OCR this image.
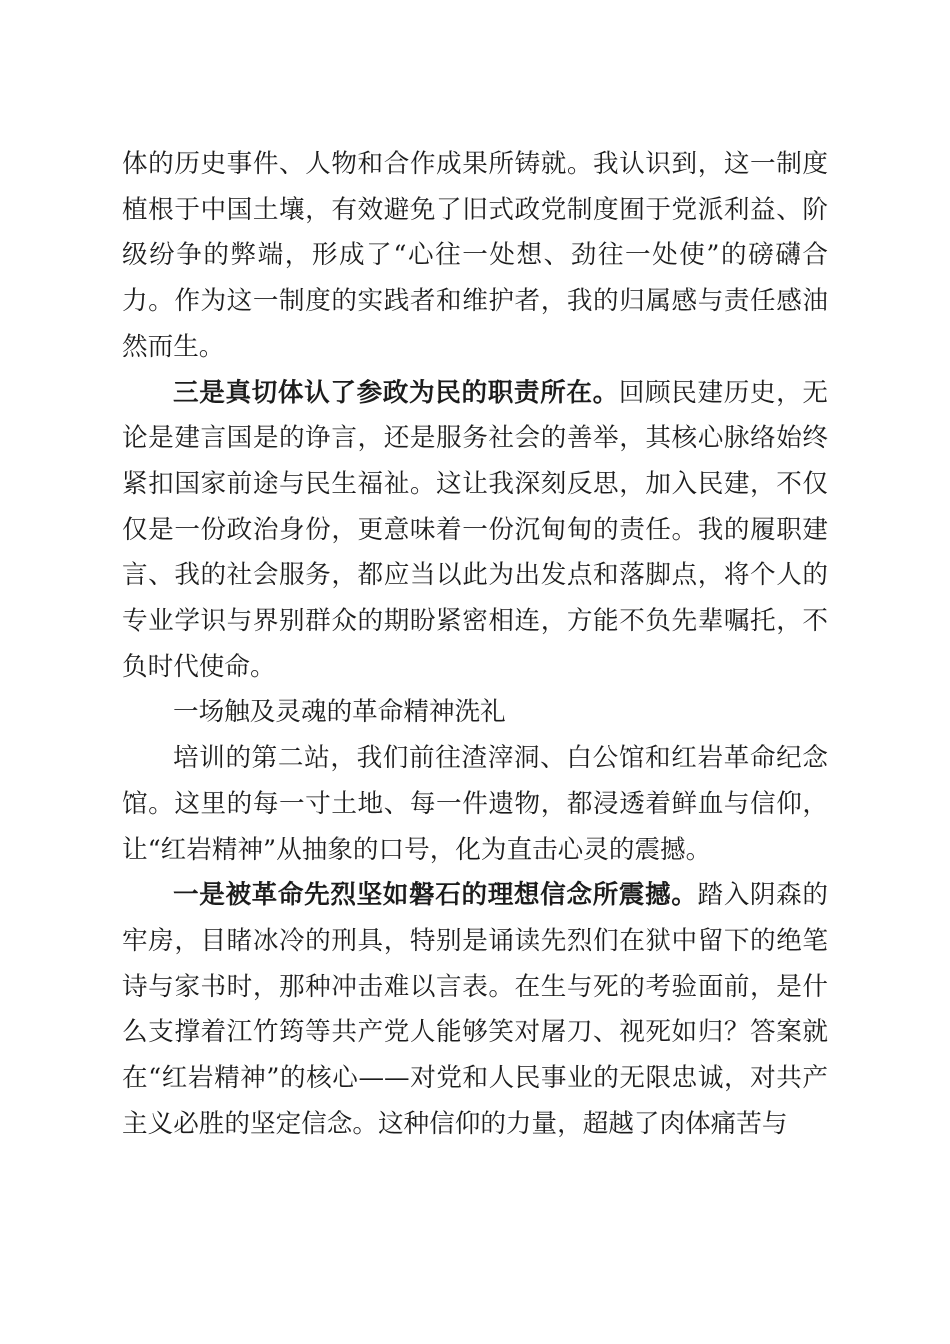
体的历史事件、人物和合作成果所铸就。我认识到，这一制度植根于中国土壤，有效避免了旧式政党制度囿于党派利益、阶级纷争的弊端，形成了“心往一处想、劲往一处使”的磅礴合力。作为这一制度的实践者和维护者，我的归属感与责任感油然而生。

三是真切体认了参政为民的职责所在。回顾民建历史，无论是建言国是的诤言，还是服务社会的善举，其核心脉络始终紧扣国家前途与民生福祉。这让我深刻反思，加入民建，不仅仅是一份政治身份，更意味着一份沉甸甸的责任。我的履职建言、我的社会服务，都应当以此为出发点和落脚点，将个人的专业学识与界别群众的期盼紧密相连，方能不负先辈嘱托，不负时代使命。

一场触及灵魂的革命精神洗礼

培训的第二站，我们前往渣滓洞、白公馆和红岩革命纪念馆。这里的每一寸土地、每一件遗物，都浸透着鲜血与信仰，让“红岩精神”从抽象的口号，化为直击心灵的震撼。

一是被革命先烈坚如磐石的理想信念所震撼。踏入阴森的牢房，目睹冰冷的刑具，特别是诵读先烈们在狱中留下的绝笔诗与家书时，那种冲击难以言表。在生与死的考验面前，是什么支撑着江竹筠等共产党人能够笑对屠刀、视死如归？答案就在“红岩精神”的核心——对党和人民事业的无限忠诚，对共产主义必胜的坚定信念。这种信仰的力量，超越了肉体痛苦与
